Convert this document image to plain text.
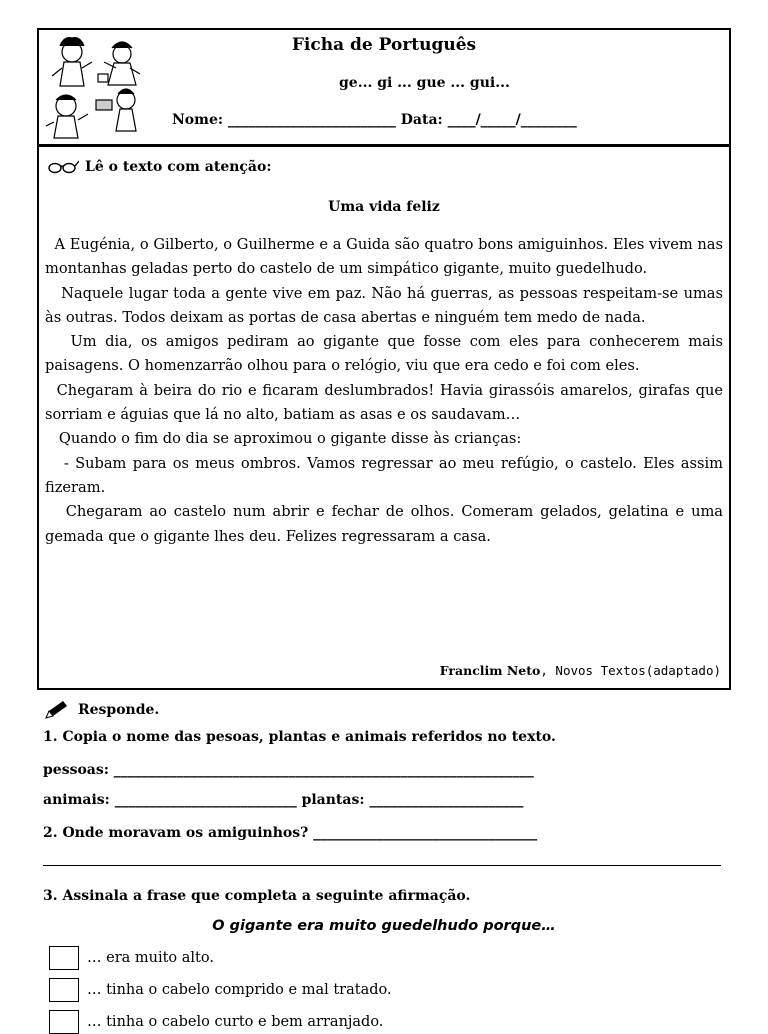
Ficha de Português
ge... gi ... gue ... gui...
Nome: ________________________ Data: ____/_____/________
Lê o texto com atenção:
Uma vida feliz

A Eugénia, o Gilberto, o Guilherme e a Guida são quatro bons amiguinhos. Eles vivem nas montanhas geladas perto do castelo de um simpático gigante, muito guedelhudo.

Naquele lugar toda a gente vive em paz. Não há guerras, as pessoas respeitam-se umas às outras. Todos deixam as portas de casa abertas e ninguém tem medo de nada.

Um dia, os amigos pediram ao gigante que fosse com eles para conhecerem mais paisagens. O homenzarrão olhou para o relógio, viu que era cedo e foi com eles.

Chegaram à beira do rio e ficaram deslumbrados! Havia girassóis amarelos, girafas que sorriam e águias que lá no alto, batiam as asas e os saudavam…

Quando o fim do dia se aproximou o gigante disse às crianças:

- Subam para os meus ombros. Vamos regressar ao meu refúgio, o castelo. Eles assim fizeram.

Chegaram ao castelo num abrir e fechar de olhos. Comeram gelados, gelatina e uma gemada que o gigante lhes deu. Felizes regressaram a casa.

Franclim Neto, Novos Textos(adaptado)
Responde.
1. Copia o nome das pesoas, plantas e animais referidos no texto.
pessoas: ____________________________________________________________
animais: __________________________ plantas: ______________________
2. Onde moravam os amiguinhos? ________________________________
3. Assinala a frase que completa a seguinte afirmação.
O gigante era muito guedelhudo porque…
… era muito alto.
… tinha o cabelo comprido e mal tratado.
… tinha o cabelo curto e bem arranjado.
